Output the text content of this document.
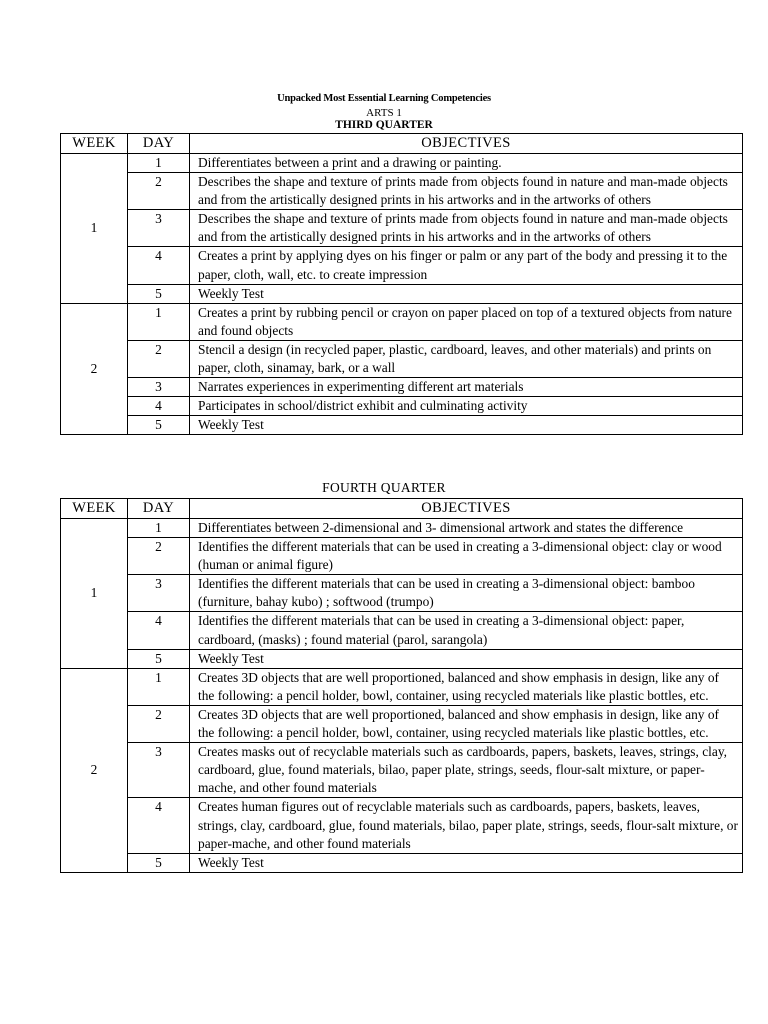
Unpacked Most Essential Learning Competencies
ARTS 1
THIRD QUARTER
WEEK	DAY	OBJECTIVES
1	1	Differentiates between a print and a drawing or painting.
	2	Describes the shape and texture of prints made from objects found in nature and man-made objects and from the artistically designed prints in his artworks and in the artworks of others
	3	Describes the shape and texture of prints made from objects found in nature and man-made objects and from the artistically designed prints in his artworks and in the artworks of others
	4	Creates a print by applying dyes on his finger or palm or any part of the body and pressing it to the paper, cloth, wall, etc. to create impression
	5	Weekly Test
2	1	Creates a print by rubbing pencil or crayon on paper placed on top of a textured objects from nature and found objects
	2	Stencil a design (in recycled paper, plastic, cardboard, leaves, and other materials) and prints on paper, cloth, sinamay, bark, or a wall
	3	Narrates experiences in experimenting different art materials
	4	Participates in school/district exhibit and culminating activity
	5	Weekly Test
FOURTH QUARTER
WEEK	DAY	OBJECTIVES
1	1	Differentiates between 2-dimensional and 3- dimensional artwork and states the difference
	2	Identifies the different materials that can be used in creating a 3-dimensional object: clay or wood (human or animal figure)
	3	Identifies the different materials that can be used in creating a 3-dimensional object: bamboo (furniture, bahay kubo) ; softwood (trumpo)
	4	Identifies the different materials that can be used in creating a 3-dimensional object: paper, cardboard, (masks) ; found material (parol, sarangola)
	5	Weekly Test
2	1	Creates 3D objects that are well proportioned, balanced and show emphasis in design, like any of the following: a pencil holder, bowl, container, using recycled materials like plastic bottles, etc.
	2	Creates 3D objects that are well proportioned, balanced and show emphasis in design, like any of the following: a pencil holder, bowl, container, using recycled materials like plastic bottles, etc.
	3	Creates masks out of recyclable materials such as cardboards, papers, baskets, leaves, strings, clay, cardboard, glue, found materials, bilao, paper plate, strings, seeds, flour-salt mixture, or paper-mache, and other found materials
	4	Creates human figures out of recyclable materials such as cardboards, papers, baskets, leaves, strings, clay, cardboard, glue, found materials, bilao, paper plate, strings, seeds, flour-salt mixture, or paper-mache, and other found materials
	5	Weekly Test
